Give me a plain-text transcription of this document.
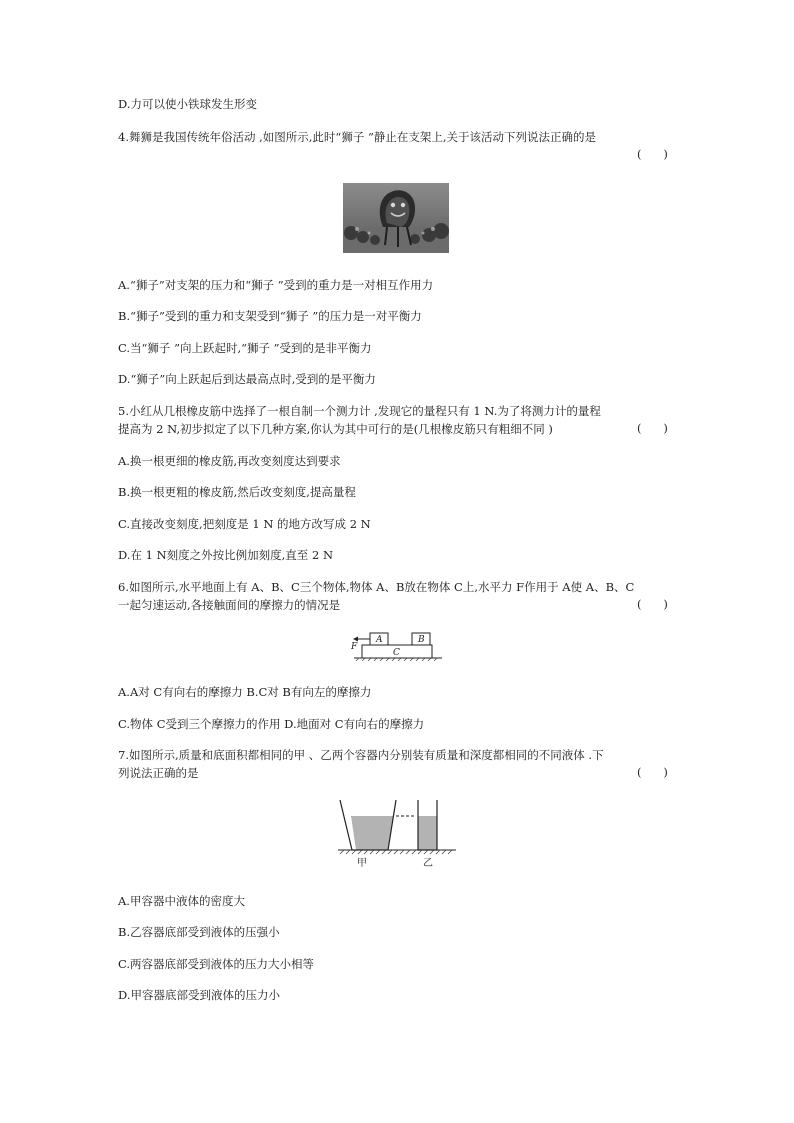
D.力可以使小铁球发生形变
4.舞狮是我国传统年俗活动 ,如图所示,此时“狮子 ”静止在支架上,关于该活动下列说法正确的是
(      )
A.“狮子”对支架的压力和“狮子 ”受到的重力是一对相互作用力
B.“狮子”受到的重力和支架受到“狮子 ”的压力是一对平衡力
C.当“狮子 ”向上跃起时,“狮子 ”受到的是非平衡力
D.“狮子”向上跃起后到达最高点时,受到的是平衡力
5.小红从几根橡皮筋中选择了一根自制一个测力计 ,发现它的量程只有 1 N.为了将测力计的量程
提高为 2 N,初步拟定了以下几种方案,你认为其中可行的是(几根橡皮筋只有粗细不同 )	(      )
A.换一根更细的橡皮筋,再改变刻度达到要求
B.换一根更粗的橡皮筋,然后改变刻度,提高量程
C.直接改变刻度,把刻度是 1 N 的地方改写成 2 N
D.在 1 N刻度之外按比例加刻度,直至 2 N
6.如图所示,水平地面上有 A、B、C三个物体,物体 A、B放在物体 C上,水平力 F作用于 A使 A、B、C
一起匀速运动,各接触面间的摩擦力的情况是	(      )
A	B
C
F
A.A对 C有向右的摩擦力 B.C对 B有向左的摩擦力
C.物体 C受到三个摩擦力的作用 D.地面对 C有向右的摩擦力
7.如图所示,质量和底面积都相同的甲 、乙两个容器内分别装有质量和深度都相同的不同液体 .下
列说法正确的是	(      )
甲	乙
A.甲容器中液体的密度大
B.乙容器底部受到液体的压强小
C.两容器底部受到液体的压力大小相等
D.甲容器底部受到液体的压力小
